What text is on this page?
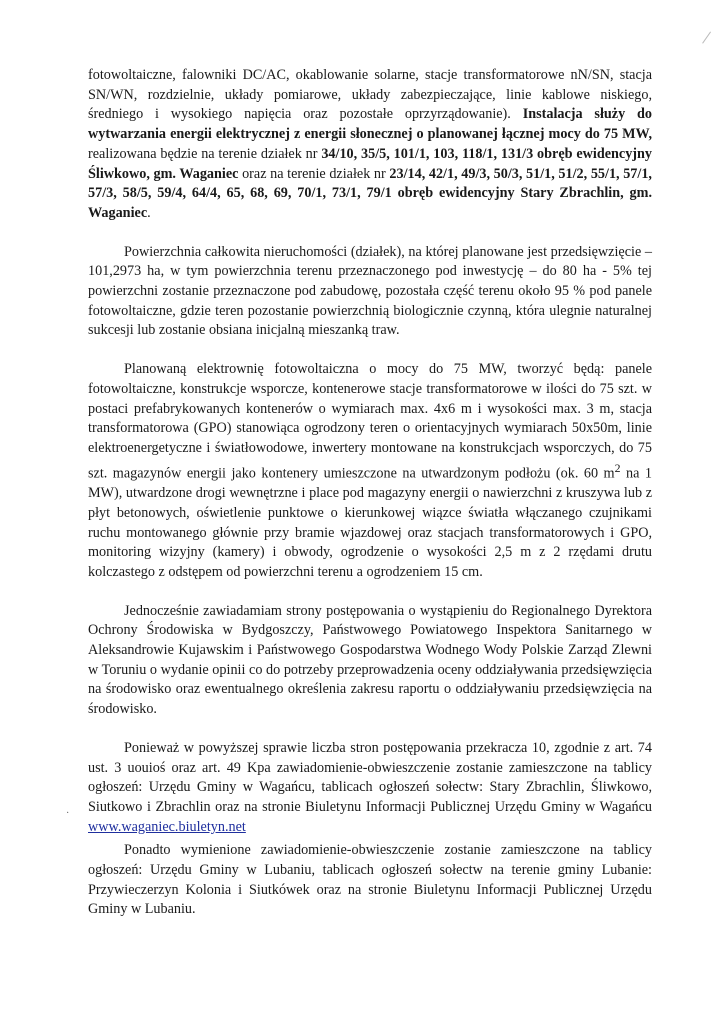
fotowoltaiczne, falowniki DC/AC, okablowanie solarne, stacje transformatorowe nN/SN, stacja SN/WN, rozdzielnie, układy pomiarowe, układy zabezpieczające, linie kablowe niskiego, średniego i wysokiego napięcia oraz pozostałe oprzyrządowanie). Instalacja służy do wytwarzania energii elektrycznej z energii słonecznej o planowanej łącznej mocy do 75 MW, realizowana będzie na terenie działek nr 34/10, 35/5, 101/1, 103, 118/1, 131/3 obręb ewidencyjny Śliwkowo, gm. Waganiec oraz na terenie działek nr 23/14, 42/1, 49/3, 50/3, 51/1, 51/2, 55/1, 57/1, 57/3, 58/5, 59/4, 64/4, 65, 68, 69, 70/1, 73/1, 79/1 obręb ewidencyjny Stary Zbrachlin, gm. Waganiec.

Powierzchnia całkowita nieruchomości (działek), na której planowane jest przedsięwzięcie – 101,2973 ha, w tym powierzchnia terenu przeznaczonego pod inwestycję – do 80 ha - 5% tej powierzchni zostanie przeznaczone pod zabudowę, pozostała część terenu około 95 % pod panele fotowoltaiczne, gdzie teren pozostanie powierzchnią biologicznie czynną, która ulegnie naturalnej sukcesji lub zostanie obsiana inicjalną mieszanką traw.

Planowaną elektrownię fotowoltaiczna o mocy do 75 MW, tworzyć będą: panele fotowoltaiczne, konstrukcje wsporcze, kontenerowe stacje transformatorowe w ilości do 75 szt. w postaci prefabrykowanych kontenerów o wymiarach max. 4x6 m i wysokości max. 3 m, stacja transformatorowa (GPO) stanowiąca ogrodzony teren o orientacyjnych wymiarach 50x50m, linie elektroenergetyczne i światłowodowe, inwertery montowane na konstrukcjach wsporczych, do 75 szt. magazynów energii jako kontenery umieszczone na utwardzonym podłożu (ok. 60 $m^2$ na 1 MW), utwardzone drogi wewnętrzne i place pod magazyny energii o nawierzchni z kruszywa lub z płyt betonowych, oświetlenie punktowe o kierunkowej wiązce światła włączanego czujnikami ruchu montowanego głównie przy bramie wjazdowej oraz stacjach transformatorowych i GPO, monitoring wizyjny (kamery) i obwody, ogrodzenie o wysokości 2,5 m z 2 rzędami drutu kolczastego z odstępem od powierzchni terenu a ogrodzeniem 15 cm.

Jednocześnie zawiadamiam strony postępowania o wystąpieniu do Regionalnego Dyrektora Ochrony Środowiska w Bydgoszczy, Państwowego Powiatowego Inspektora Sanitarnego w Aleksandrowie Kujawskim i Państwowego Gospodarstwa Wodnego Wody Polskie Zarząd Zlewni w Toruniu o wydanie opinii co do potrzeby przeprowadzenia oceny oddziaływania przedsięwzięcia na środowisko oraz ewentualnego określenia zakresu raportu o oddziaływaniu przedsięwzięcia na środowisko.

Ponieważ w powyższej sprawie liczba stron postępowania przekracza 10, zgodnie z art. 74 ust. 3 uouioś oraz art. 49 Kpa zawiadomienie-obwieszczenie zostanie zamieszczone na tablicy ogłoszeń: Urzędu Gminy w Wagańcu, tablicach ogłoszeń sołectw: Stary Zbrachlin, Śliwkowo, Siutkowo i Zbrachlin oraz na stronie Biuletynu Informacji Publicznej Urzędu Gminy w Wagańcu www.waganiec.biuletyn.net

Ponadto wymienione zawiadomienie-obwieszczenie zostanie zamieszczone na tablicy ogłoszeń: Urzędu Gminy w Lubaniu, tablicach ogłoszeń sołectw na terenie gminy Lubanie: Przywieczerzyn Kolonia i Siutkówek oraz na stronie Biuletynu Informacji Publicznej Urzędu Gminy w Lubaniu.

·
